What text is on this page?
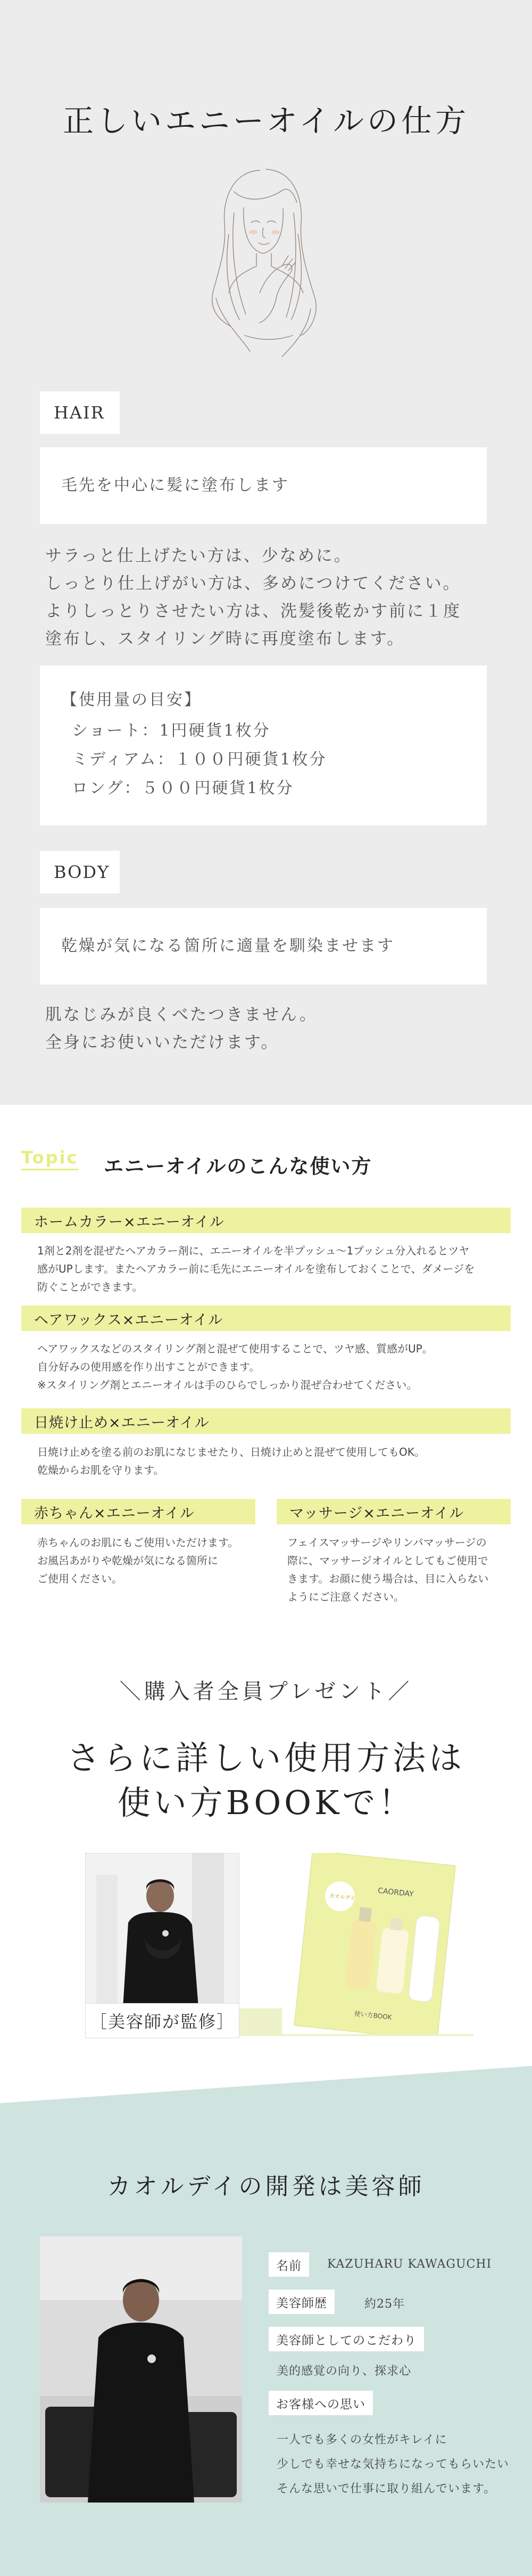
正しいエニーオイルの仕方
HAIR
毛先を中心に髪に塗布します
サラっと仕上げたい方は、少なめに。
しっとり仕上げがい方は、多めにつけてください。
よりしっとりさせたい方は、洗髪後乾かす前に１度
塗布し、スタイリング時に再度塗布します。
【使用量の目安】
ショート：1円硬貨1枚分
ミディアム：１００円硬貨1枚分
ロング：５００円硬貨1枚分
BODY
乾燥が気になる箇所に適量を馴染ませます
肌なじみが良くべたつきません。
全身にお使いいただけます。
Topic エニーオイルのこんな使い方
ホームカラー×エニーオイル
1剤と2剤を混ぜたヘアカラー剤に、エニーオイルを半プッシュ〜1プッシュ分入れるとツヤ
感がUPします。またヘアカラー前に毛先にエニーオイルを塗布しておくことで、ダメージを
防ぐことができます。
ヘアワックス×エニーオイル
ヘアワックスなどのスタイリング剤と混ぜて使用することで、ツヤ感、質感がUP。
自分好みの使用感を作り出すことができます。
※スタイリング剤とエニーオイルは手のひらでしっかり混ぜ合わせてください。
日焼け止め×エニーオイル
日焼け止めを塗る前のお肌になじませたり、日焼け止めと混ぜて使用してもOK。
乾燥からお肌を守ります。
赤ちゃん×エニーオイル
赤ちゃんのお肌にもご使用いただけます。
お風呂あがりや乾燥が気になる箇所に
ご使用ください。
マッサージ×エニーオイル
フェイスマッサージやリンパマッサージの
際に、マッサージオイルとしてもご使用で
きます。お顔に使う場合は、目に入らない
ようにご注意ください。
＼購入者全員プレゼント／
さらに詳しい使用方法は
使い方BOOKで！
CAORDAY
カオルデイ
使い方BOOK
［美容師が監修］
カオルデイの開発は美容師
名前	KAZUHARU KAWAGUCHI
美容師歴	約25年
美容師としてのこだわり
美的感覚の向り、探求心
お客様への思い
一人でも多くの女性がキレイに
少しでも幸せな気持ちになってもらいたい
そんな思いで仕事に取り組んでいます。
